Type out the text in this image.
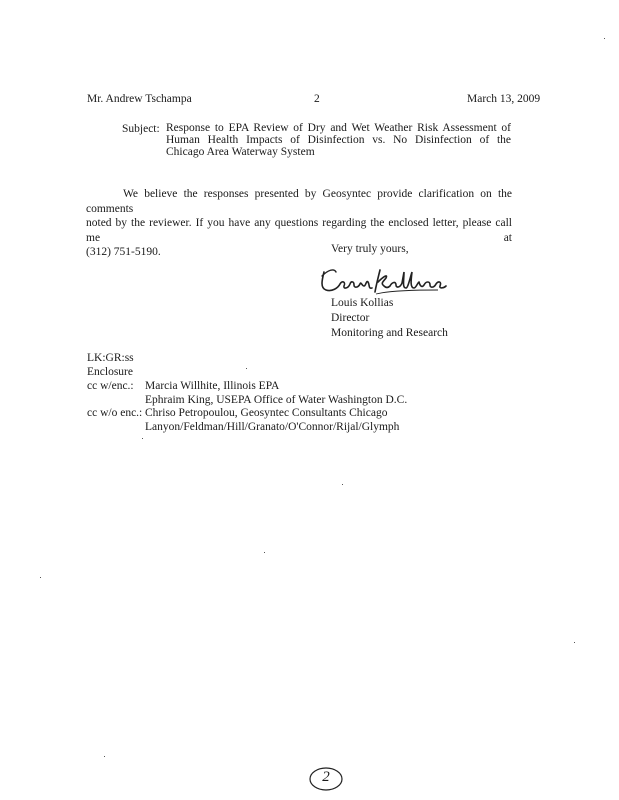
Mr. Andrew Tschampa	2	March 13, 2009
Subject: Response to EPA Review of Dry and Wet Weather Risk Assessment of
Human Health Impacts of Disinfection vs. No Disinfection of the
Chicago Area Waterway System
We believe the responses presented by Geosyntec provide clarification on the comments
noted by the reviewer. If you have any questions regarding the enclosed letter, please call me at
(312) 751-5190.	Very truly yours,
Louis Kollias
Director
Monitoring and Research
LK:GR:ss
Enclosure
cc w/enc.: Marcia Willhite, Illinois EPA
Ephraim King, USEPA Office of Water Washington D.C.
cc w/o enc.: Chriso Petropoulou, Geosyntec Consultants Chicago
Lanyon/Feldman/Hill/Granato/O'Connor/Rijal/Glymph
2
